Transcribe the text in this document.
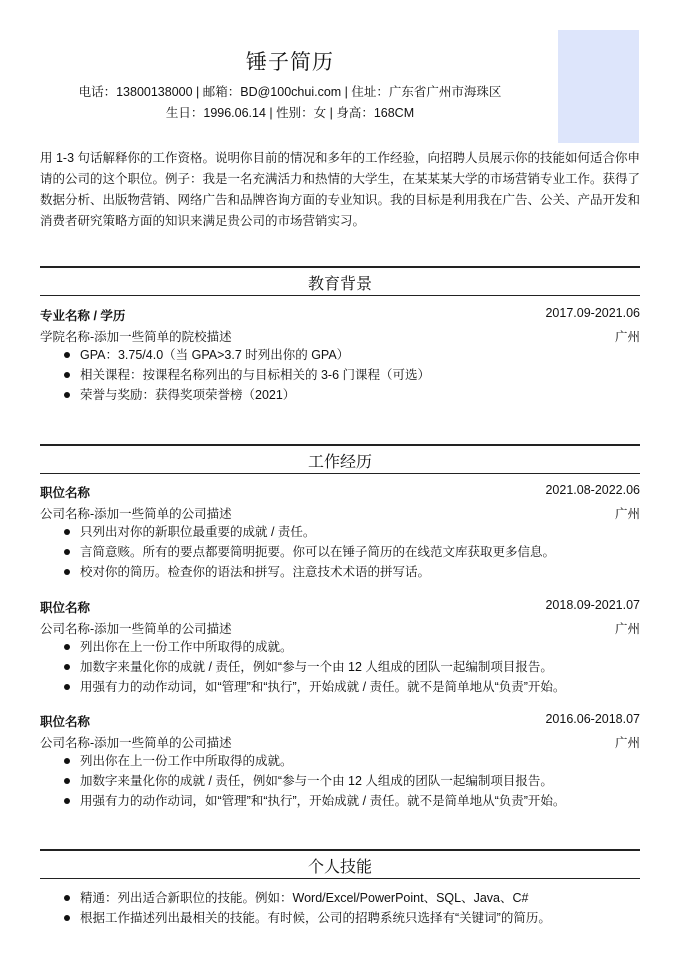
锤子简历
电话：13800138000 | 邮箱：BD@100chui.com | 住址：广东省广州市海珠区
生日：1996.06.14 | 性别：女 | 身高：168CM
用 1-3 句话解释你的工作资格。说明你目前的情况和多年的工作经验，向招聘人员展示你的技能如何适合你申请的公司的这个职位。例子：我是一名充满活力和热情的大学生，在某某某大学的市场营销专业工作。获得了数据分析、出版物营销、网络广告和品牌咨询方面的专业知识。我的目标是利用我在广告、公关、产品开发和消费者研究策略方面的知识来满足贵公司的市场营销实习。
教育背景
专业名称 / 学历	2017.09-2021.06
学院名称-添加一些简单的院校描述	广州
GPA：3.75/4.0（当 GPA>3.7 时列出你的 GPA）
相关课程：按课程名称列出的与目标相关的 3-6 门课程（可选）
荣誉与奖励：获得奖项荣誉榜（2021）
工作经历
职位名称	2021.08-2022.06
公司名称-添加一些简单的公司描述	广州
只列出对你的新职位最重要的成就 / 责任。
言简意赅。所有的要点都要简明扼要。你可以在锤子简历的在线范文库获取更多信息。
校对你的简历。检查你的语法和拼写。注意技术术语的拼写话。
职位名称	2018.09-2021.07
公司名称-添加一些简单的公司描述	广州
列出你在上一份工作中所取得的成就。
加数字来量化你的成就 / 责任，例如“参与一个由 12 人组成的团队一起编制项目报告。
用强有力的动作动词，如“管理”和“执行”，开始成就 / 责任。就不是简单地从“负责”开始。
职位名称	2016.06-2018.07
公司名称-添加一些简单的公司描述	广州
列出你在上一份工作中所取得的成就。
加数字来量化你的成就 / 责任，例如“参与一个由 12 人组成的团队一起编制项目报告。
用强有力的动作动词，如“管理”和“执行”，开始成就 / 责任。就不是简单地从“负责”开始。
个人技能
精通：列出适合新职位的技能。例如：Word/Excel/PowerPoint、SQL、Java、C#
根据工作描述列出最相关的技能。有时候，公司的招聘系统只选择有“关键词”的简历。
